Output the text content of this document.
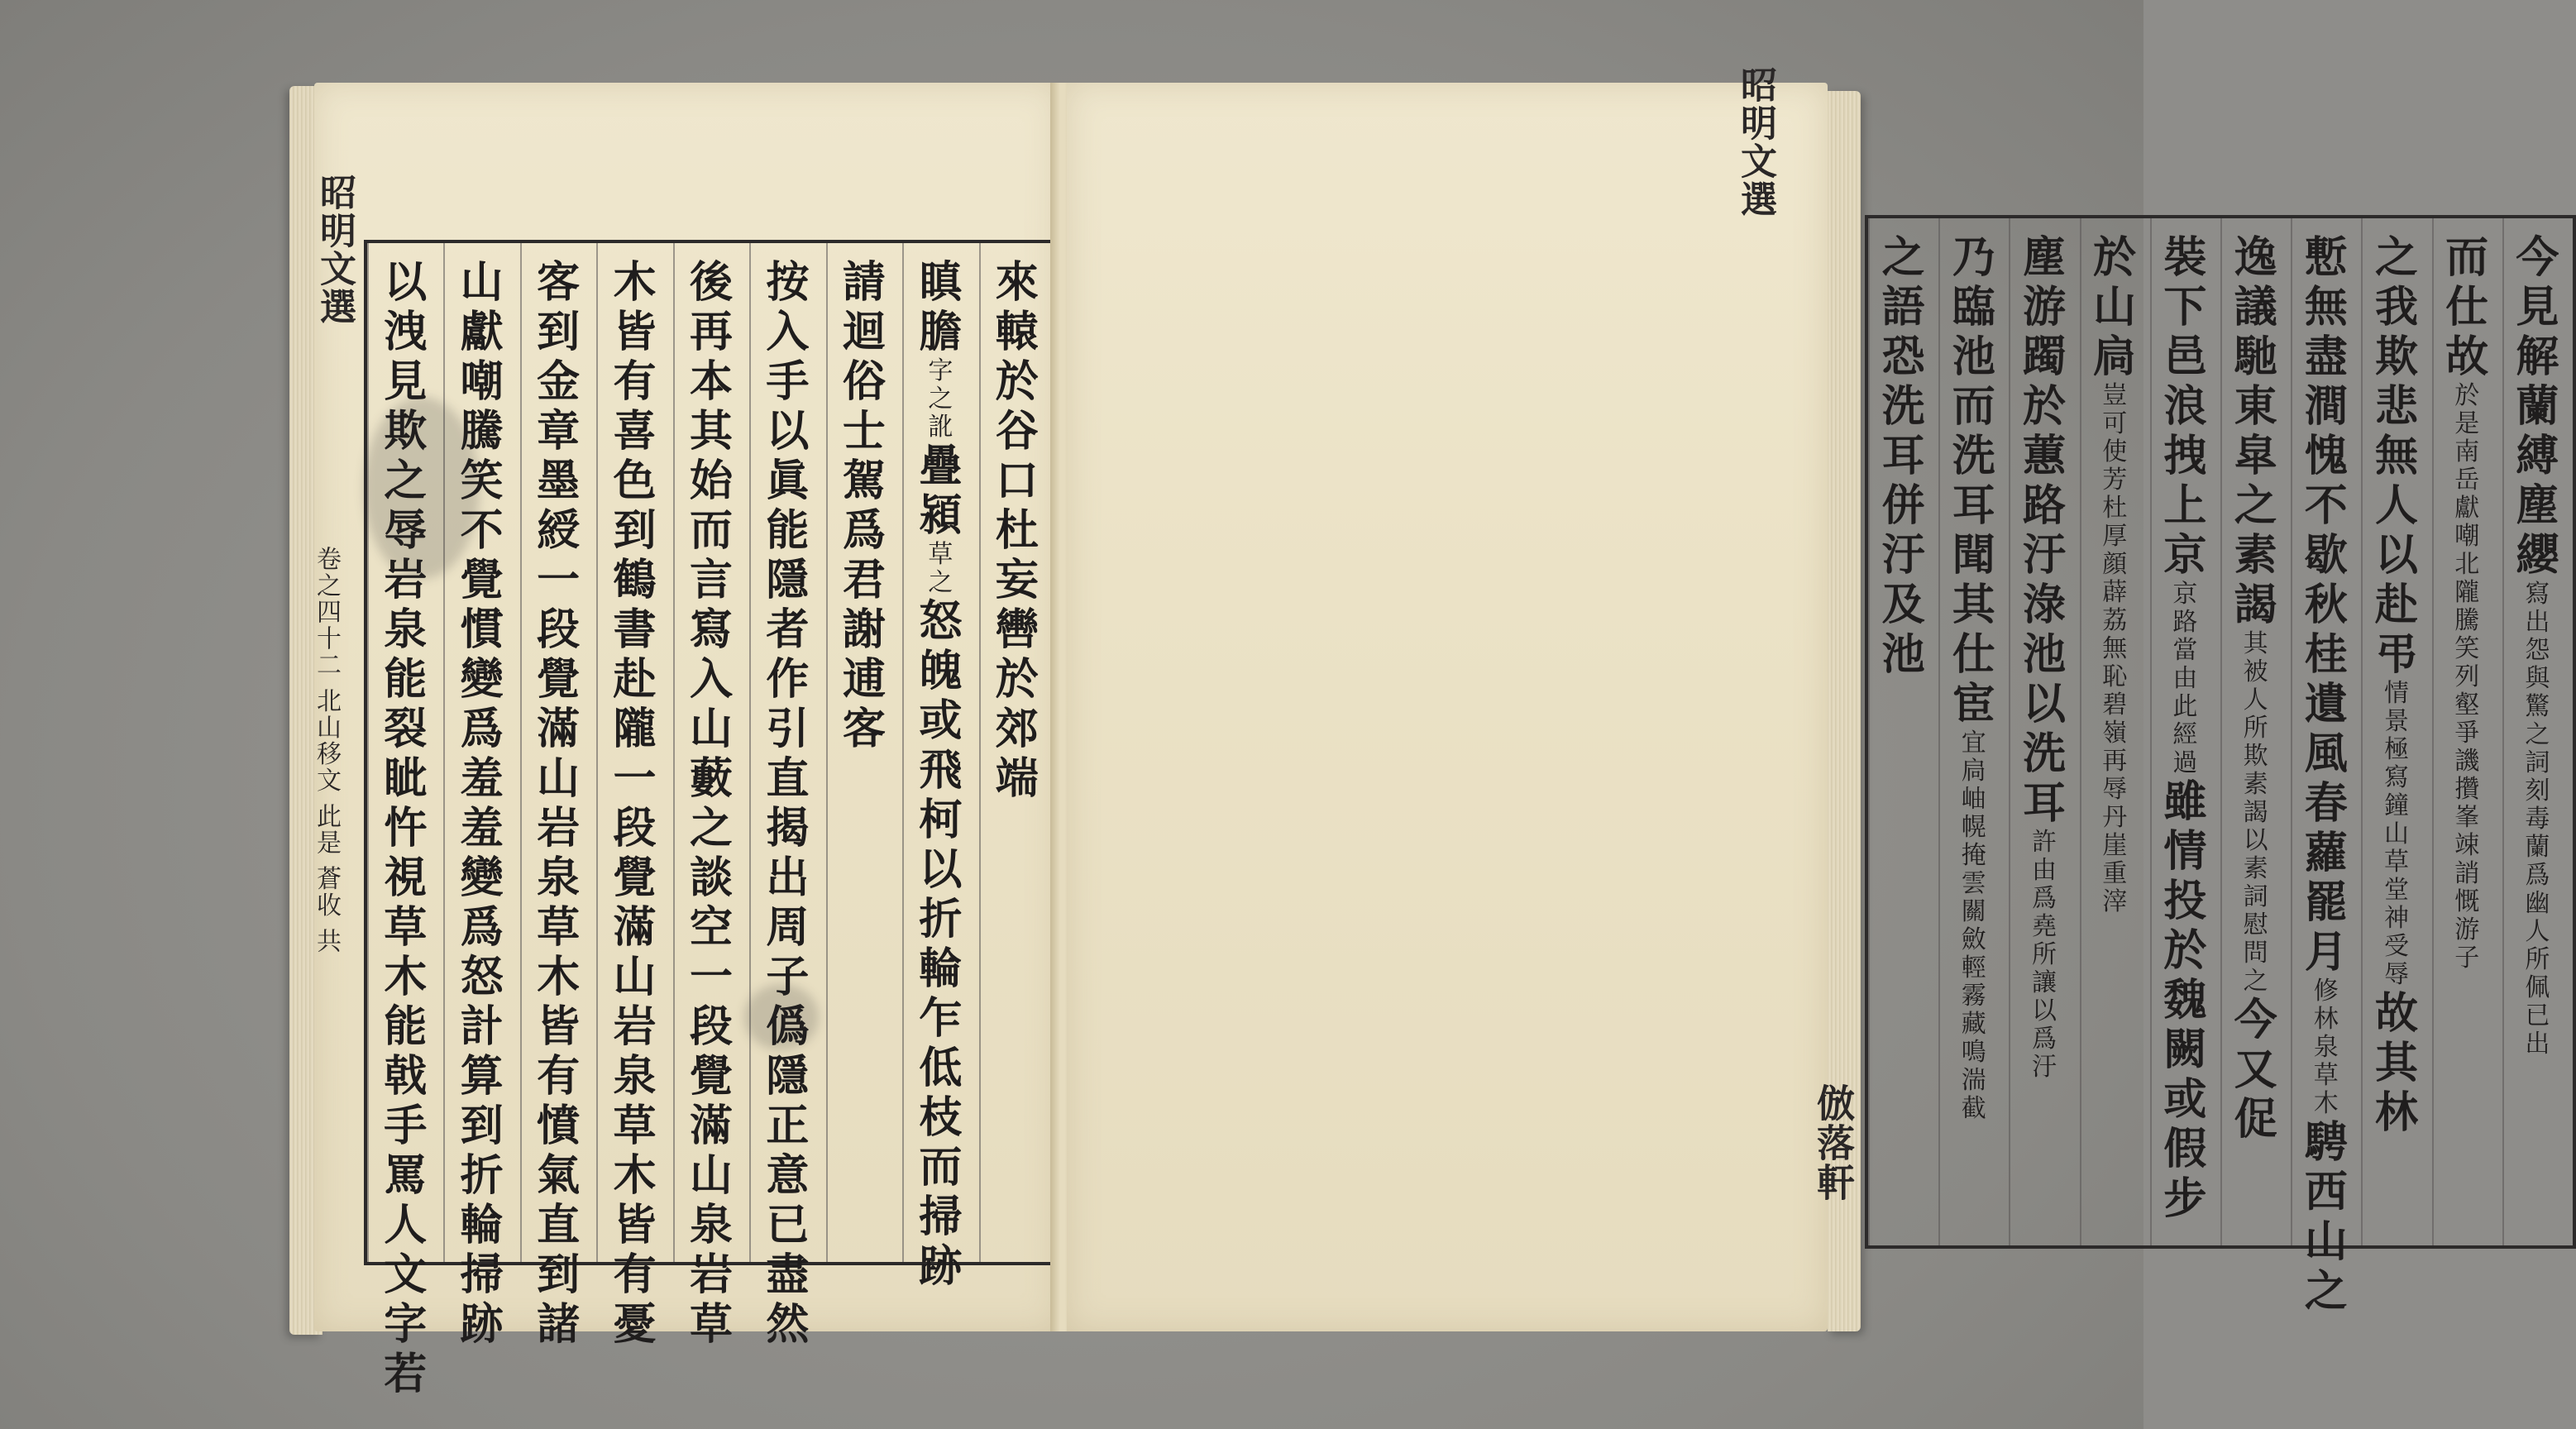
來
轅
於
谷
口
杜
妄
轡
於
郊
端
瞋
膽
字
之
訛
疊
潁
草
之
怒
魄
或
飛
柯
以
折
輪
乍
低
枝
而
掃
跡
請
迴
俗
士
駕
爲
君
謝
逋
客
按
入
手
以
眞
能
隱
者
作
引
直
揭
出
周
子
僞
隱
正
意
已
盡
然
後
再
本
其
始
而
言
寫
入
山
藪
之
談
空
一
段
覺
滿
山
泉
岩
草
木
皆
有
喜
色
到
鶴
書
赴
隴
一
段
覺
滿
山
岩
泉
草
木
皆
有
憂
客
到
金
章
墨
綬
一
段
覺
滿
山
岩
泉
草
木
皆
有
憤
氣
直
到
諸
山
獻
嘲
騰
笑
不
覺
慣
變
爲
羞
羞
變
爲
怒
計
算
到
折
輪
掃
跡
以
洩
見
欺
之
辱
岩
泉
能
裂
眦
忤
視
草
木
能
戟
手
罵
人
文
字
若
昭明文選
卷之四十二 北山移文 此是 蒼收 共
今
見
解
蘭
縛
塵
纓
寫
出
怨
與
驚
之
詞
刻
毒
蘭
爲
幽
人
所
佩
已
出
而
仕
故
於
是
南
岳
獻
嘲
北
隴
騰
笑
列
壑
爭
譏
攢
峯
竦
誚
慨
游
子
之
我
欺
悲
無
人
以
赴
弔
情
景
極
寫
鐘
山
草
堂
神
受
辱
故
其
林
慙
無
盡
澗
愧
不
歇
秋
桂
遺
風
春
蘿
罷
月
修
林
泉
草
木
騁
西
山
之
逸
議
馳
東
皐
之
素
謁
其
被
人
所
欺
素
謁
以
素
詞
慰
問
之
今
又
促
裝
下
邑
浪
拽
上
京
京
路
當
由
此
經
過
雖
情
投
於
魏
闕
或
假
步
於
山
扃
豈
可
使
芳
杜
厚
顔
薜
荔
無
恥
碧
嶺
再
辱
丹
崖
重
滓
塵
游
躅
於
蕙
路
汙
淥
池
以
洗
耳
許
由
爲
堯
所
讓
以
爲
汙
乃
臨
池
而
洗
耳
聞
其
仕
宦
宜
扃
岫
幌
掩
雲
關
斂
輕
霧
藏
鳴
湍
截
之
語
恐
洗
耳
併
汙
及
池
昭明文選
倣落軒
